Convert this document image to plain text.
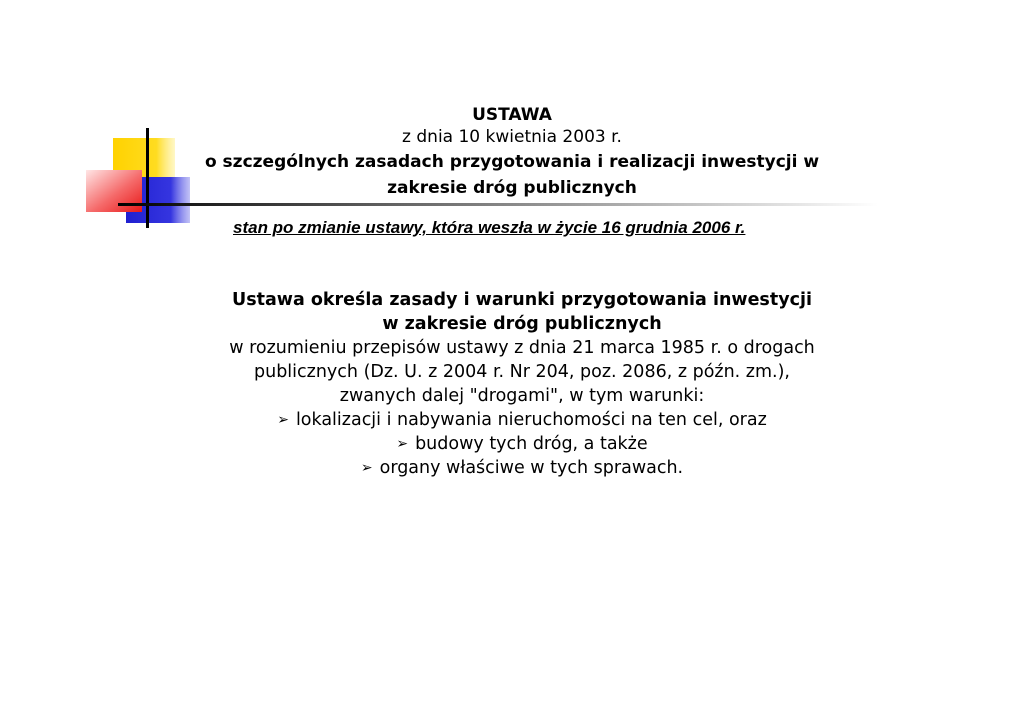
USTAWA
z dnia 10 kwietnia 2003 r.
o szczególnych zasadach przygotowania i realizacji inwestycji w
zakresie dróg publicznych
stan po zmianie ustawy, która weszła w życie 16 grudnia 2006 r.
Ustawa określa zasady i warunki przygotowania inwestycji
w zakresie dróg publicznych
w rozumieniu przepisów ustawy z dnia 21 marca 1985 r. o drogach
publicznych (Dz. U. z 2004 r. Nr 204, poz. 2086, z późn. zm.),
zwanych dalej "drogami", w tym warunki:
➢ lokalizacji i nabywania nieruchomości na ten cel, oraz
➢ budowy tych dróg, a także
➢ organy właściwe w tych sprawach.
